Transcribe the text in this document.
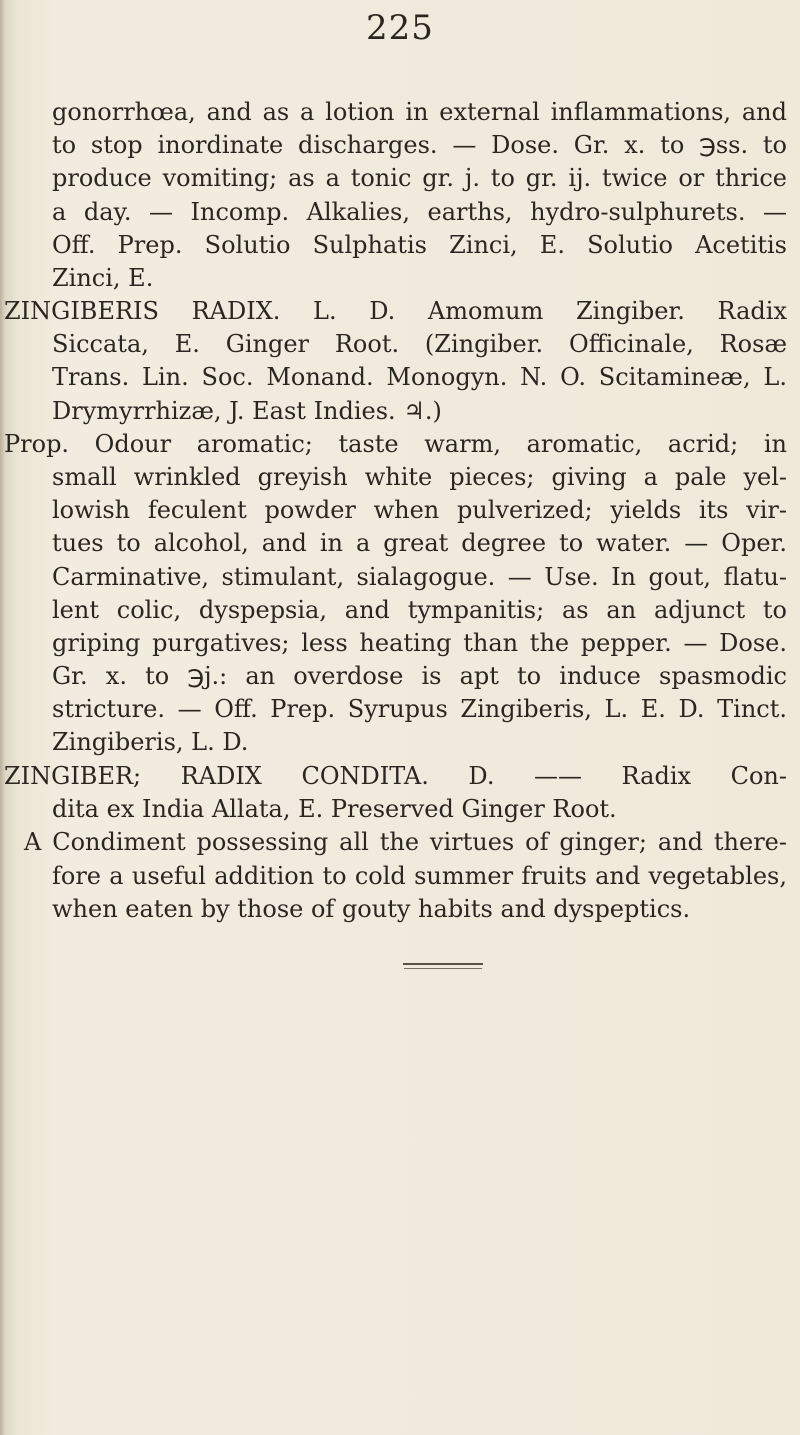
225
gonorrhœa, and as a lotion in external inflammations, and
to stop inordinate discharges. — Dose. Gr. x. to ℈ss. to
produce vomiting; as a tonic gr. j. to gr. ij. twice or thrice
a day. — Incomp. Alkalies, earths, hydro-sulphurets. —
Off. Prep. Solutio Sulphatis Zinci, E. Solutio Acetitis
Zinci, E.
ZINGIBERIS RADIX. L. D. Amomum Zingiber. Radix
Siccata, E. Ginger Root. (Zingiber. Officinale, Rosæ
Trans. Lin. Soc. Monand. Monogyn. N. O. Scitamineæ, L.
Drymyrrhizæ, J. East Indies. ♃.)
Prop. Odour aromatic; taste warm, aromatic, acrid; in
small wrinkled greyish white pieces; giving a pale yel-
lowish feculent powder when pulverized; yields its vir-
tues to alcohol, and in a great degree to water. — Oper.
Carminative, stimulant, sialagogue. — Use. In gout, flatu-
lent colic, dyspepsia, and tympanitis; as an adjunct to
griping purgatives; less heating than the pepper. — Dose.
Gr. x. to ℈j.: an overdose is apt to induce spasmodic
stricture. — Off. Prep. Syrupus Zingiberis, L. E. D. Tinct.
Zingiberis, L. D.
ZINGIBER; RADIX CONDITA. D. —— Radix Con-
dita ex India Allata, E. Preserved Ginger Root.
A Condiment possessing all the virtues of ginger; and there-
fore a useful addition to cold summer fruits and vegetables,
when eaten by those of gouty habits and dyspeptics.
